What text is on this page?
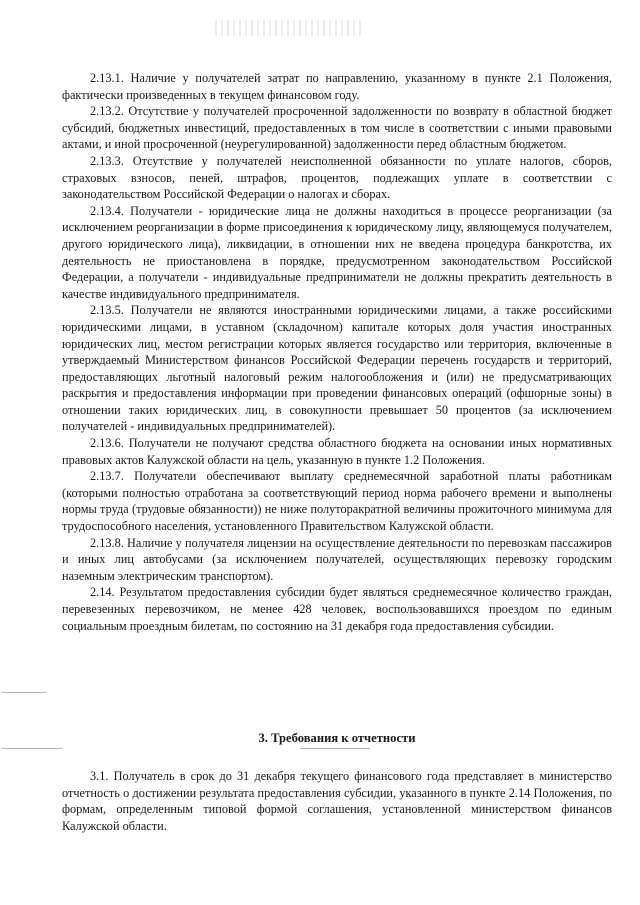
2.13.1. Наличие у получателей затрат по направлению, указанному в пункте 2.1 Положения, фактически произведенных в текущем финансовом году.

2.13.2. Отсутствие у получателей просроченной задолженности по возврату в областной бюджет субсидий, бюджетных инвестиций, предоставленных в том числе в соответствии с иными правовыми актами, и иной просроченной (неурегулированной) задолженности перед областным бюджетом.

2.13.3. Отсутствие у получателей неисполненной обязанности по уплате налогов, сборов, страховых взносов, пеней, штрафов, процентов, подлежащих уплате в соответствии с законодательством Российской Федерации о налогах и сборах.

2.13.4. Получатели - юридические лица не должны находиться в процессе реорганизации (за исключением реорганизации в форме присоединения к юридическому лицу, являющемуся получателем, другого юридического лица), ликвидации, в отношении них не введена процедура банкротства, их деятельность не приостановлена в порядке, предусмотренном законодательством Российской Федерации, а получатели - индивидуальные предприниматели не должны прекратить деятельность в качестве индивидуального предпринимателя.

2.13.5. Получатели не являются иностранными юридическими лицами, а также российскими юридическими лицами, в уставном (складочном) капитале которых доля участия иностранных юридических лиц, местом регистрации которых является государство или территория, включенные в утверждаемый Министерством финансов Российской Федерации перечень государств и территорий, предоставляющих льготный налоговый режим налогообложения и (или) не предусматривающих раскрытия и предоставления информации при проведении финансовых операций (офшорные зоны) в отношении таких юридических лиц, в совокупности превышает 50 процентов (за исключением получателей - индивидуальных предпринимателей).

2.13.6. Получатели не получают средства областного бюджета на основании иных нормативных правовых актов Калужской области на цель, указанную в пункте 1.2 Положения.

2.13.7. Получатели обеспечивают выплату среднемесячной заработной платы работникам (которыми полностью отработана за соответствующий период норма рабочего времени и выполнены нормы труда (трудовые обязанности)) не ниже полуторакратной величины прожиточного минимума для трудоспособного населения, установленного Правительством Калужской области.

2.13.8. Наличие у получателя лицензии на осуществление деятельности по перевозкам пассажиров и иных лиц автобусами (за исключением получателей, осуществляющих перевозку городским наземным электрическим транспортом).

2.14. Результатом предоставления субсидии будет являться среднемесячное количество граждан, перевезенных перевозчиком, не менее 428 человек, воспользовавшихся проездом по единым социальным проездным билетам, по состоянию на 31 декабря года предоставления субсидии.

3. Требования к отчетности

3.1. Получатель в срок до 31 декабря текущего финансового года представляет в министерство отчетность о достижении результата предоставления субсидии, указанного в пункте 2.14 Положения, по формам, определенным типовой формой соглашения, установленной министерством финансов Калужской области.
